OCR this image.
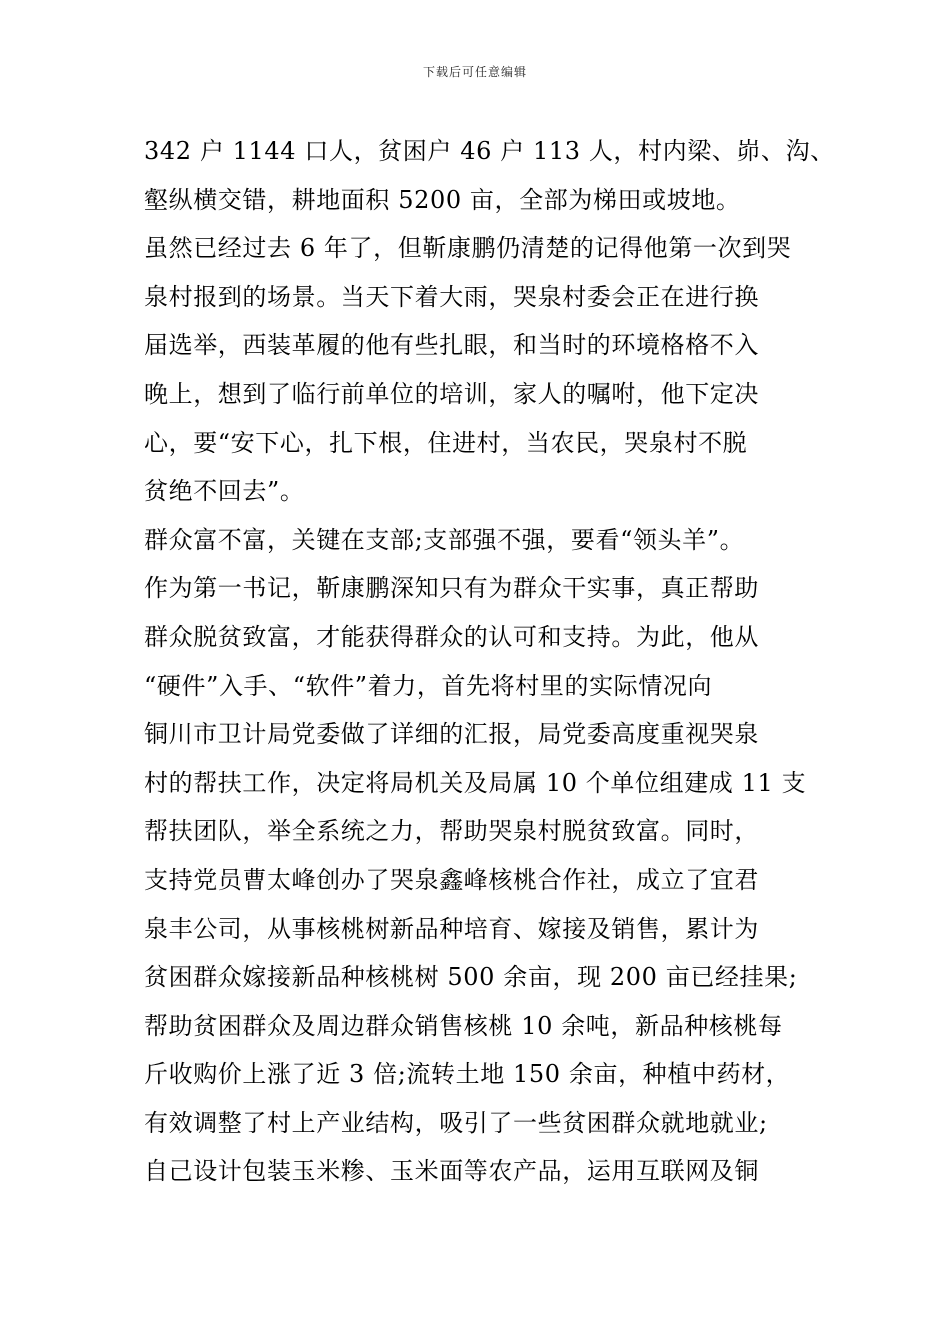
下载后可任意编辑
342 户 1144 口人，贫困户 46 户 113 人，村内梁、峁、沟、
壑纵横交错，耕地面积 5200 亩，全部为梯田或坡地。
虽然已经过去 6 年了，但靳康鹏仍清楚的记得他第一次到哭
泉村报到的场景。当天下着大雨，哭泉村委会正在进行换
届选举，西装革履的他有些扎眼，和当时的环境格格不入
晚上，想到了临行前单位的培训，家人的嘱咐，他下定决
心，要“安下心，扎下根，住进村，当农民，哭泉村不脱
贫绝不回去”。
群众富不富，关键在支部;支部强不强，要看“领头羊”。
作为第一书记，靳康鹏深知只有为群众干实事，真正帮助
群众脱贫致富，才能获得群众的认可和支持。为此，他从
“硬件”入手、“软件”着力，首先将村里的实际情况向
铜川市卫计局党委做了详细的汇报，局党委高度重视哭泉
村的帮扶工作，决定将局机关及局属 10 个单位组建成 11 支
帮扶团队，举全系统之力，帮助哭泉村脱贫致富。同时，
支持党员曹太峰创办了哭泉鑫峰核桃合作社，成立了宜君
泉丰公司，从事核桃树新品种培育、嫁接及销售，累计为
贫困群众嫁接新品种核桃树 500 余亩，现 200 亩已经挂果;
帮助贫困群众及周边群众销售核桃 10 余吨，新品种核桃每
斤收购价上涨了近 3 倍;流转土地 150 余亩，种植中药材，
有效调整了村上产业结构，吸引了一些贫困群众就地就业;
自己设计包装玉米糁、玉米面等农产品，运用互联网及铜
